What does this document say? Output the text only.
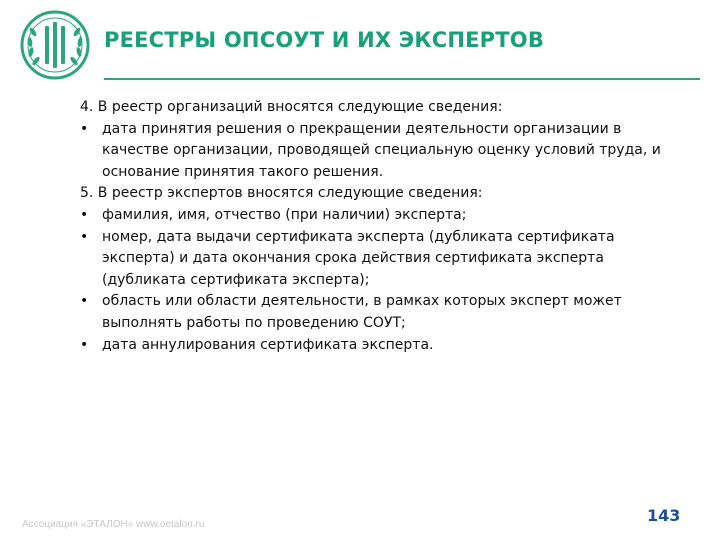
РЕЕСТРЫ ОПСОУТ И ИХ ЭКСПЕРТОВ

4. В реестр организаций вносятся следующие сведения:

• дата принятия решения о прекращении деятельности организации в качестве организации, проводящей специальную оценку условий труда, и основание принятия такого решения.

5. В реестр экспертов вносятся следующие сведения:

• фамилия, имя, отчество (при наличии) эксперта;
• номер, дата выдачи сертификата эксперта (дубликата сертификата эксперта) и дата окончания срока действия сертификата эксперта (дубликата сертификата эксперта);
• область или области деятельности, в рамках которых эксперт может выполнять работы по проведению СОУТ;
• дата аннулирования сертификата эксперта.
Ассоциация «ЭТАЛОН» www.oetalon.ru	143
